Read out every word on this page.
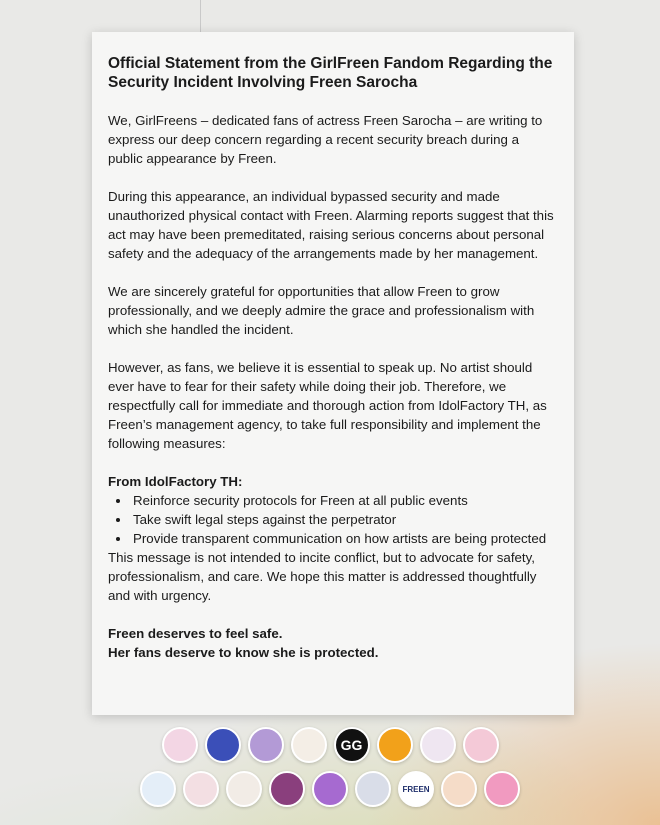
Official Statement from the GirlFreen Fandom Regarding the Security Incident Involving Freen Sarocha

We, GirlFreens – dedicated fans of actress Freen Sarocha – are writing to express our deep concern regarding a recent security breach during a public appearance by Freen.

During this appearance, an individual bypassed security and made unauthorized physical contact with Freen. Alarming reports suggest that this act may have been premeditated, raising serious concerns about personal safety and the adequacy of the arrangements made by her management.

We are sincerely grateful for opportunities that allow Freen to grow professionally, and we deeply admire the grace and professionalism with which she handled the incident.

However, as fans, we believe it is essential to speak up. No artist should ever have to fear for their safety while doing their job. Therefore, we respectfully call for immediate and thorough action from IdolFactory TH, as Freen’s management agency, to take full responsibility and implement the following measures:

From IdolFactory TH:
• Reinforce security protocols for Freen at all public events
• Take swift legal steps against the perpetrator
• Provide transparent communication on how artists are being protected

This message is not intended to incite conflict, but to advocate for safety, professionalism, and care. We hope this matter is addressed thoughtfully and with urgency.

Freen deserves to feel safe.
Her fans deserve to know she is protected.
GG
FREEN
